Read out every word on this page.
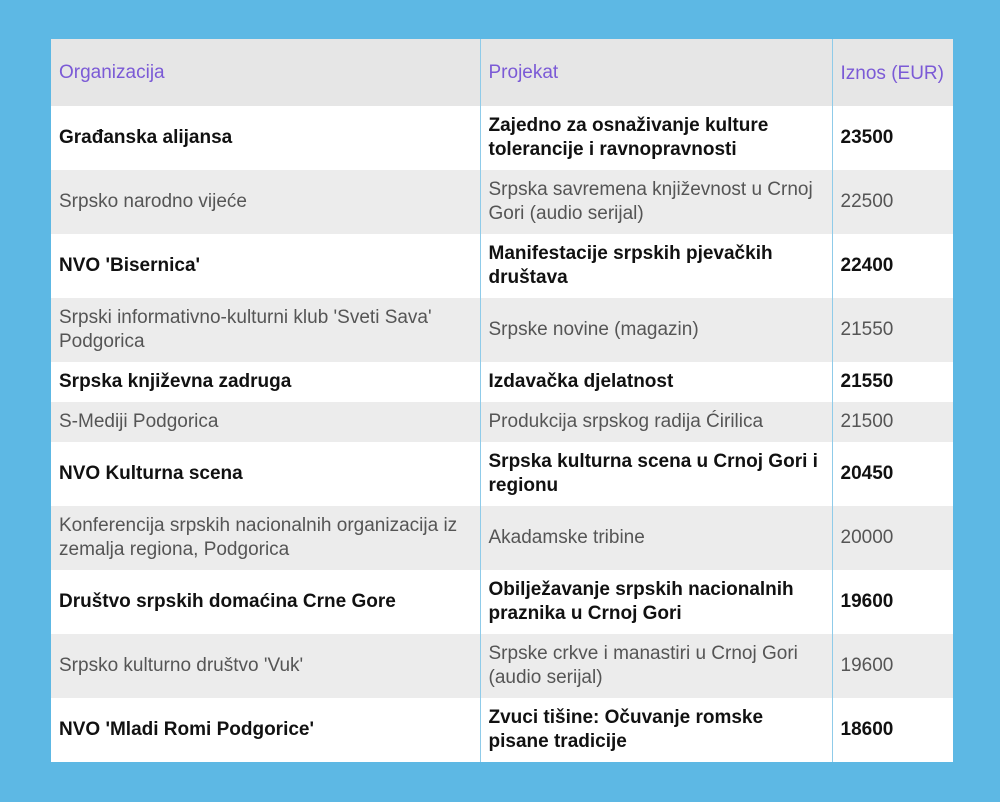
Organizacija	Projekat	Iznos (EUR)
Građanska alijansa	Zajedno za osnaživanje kulture tolerancije i ravnopravnosti	23500
Srpsko narodno vijeće	Srpska savremena književnost u Crnoj Gori (audio serijal)	22500
NVO 'Bisernica'	Manifestacije srpskih pjevačkih društava	22400
Srpski informativno-kulturni klub 'Sveti Sava' Podgorica	Srpske novine (magazin)	21550
Srpska književna zadruga	Izdavačka djelatnost	21550
S-Mediji Podgorica	Produkcija srpskog radija Ćirilica	21500
NVO Kulturna scena	Srpska kulturna scena u Crnoj Gori i regionu	20450
Konferencija srpskih nacionalnih organizacija iz zemalja regiona, Podgorica	Akadamske tribine	20000
Društvo srpskih domaćina Crne Gore	Obilježavanje srpskih nacionalnih praznika u Crnoj Gori	19600
Srpsko kulturno društvo 'Vuk'	Srpske crkve i manastiri u Crnoj Gori (audio serijal)	19600
NVO 'Mladi Romi Podgorice'	Zvuci tišine: Očuvanje romske pisane tradicije	18600
